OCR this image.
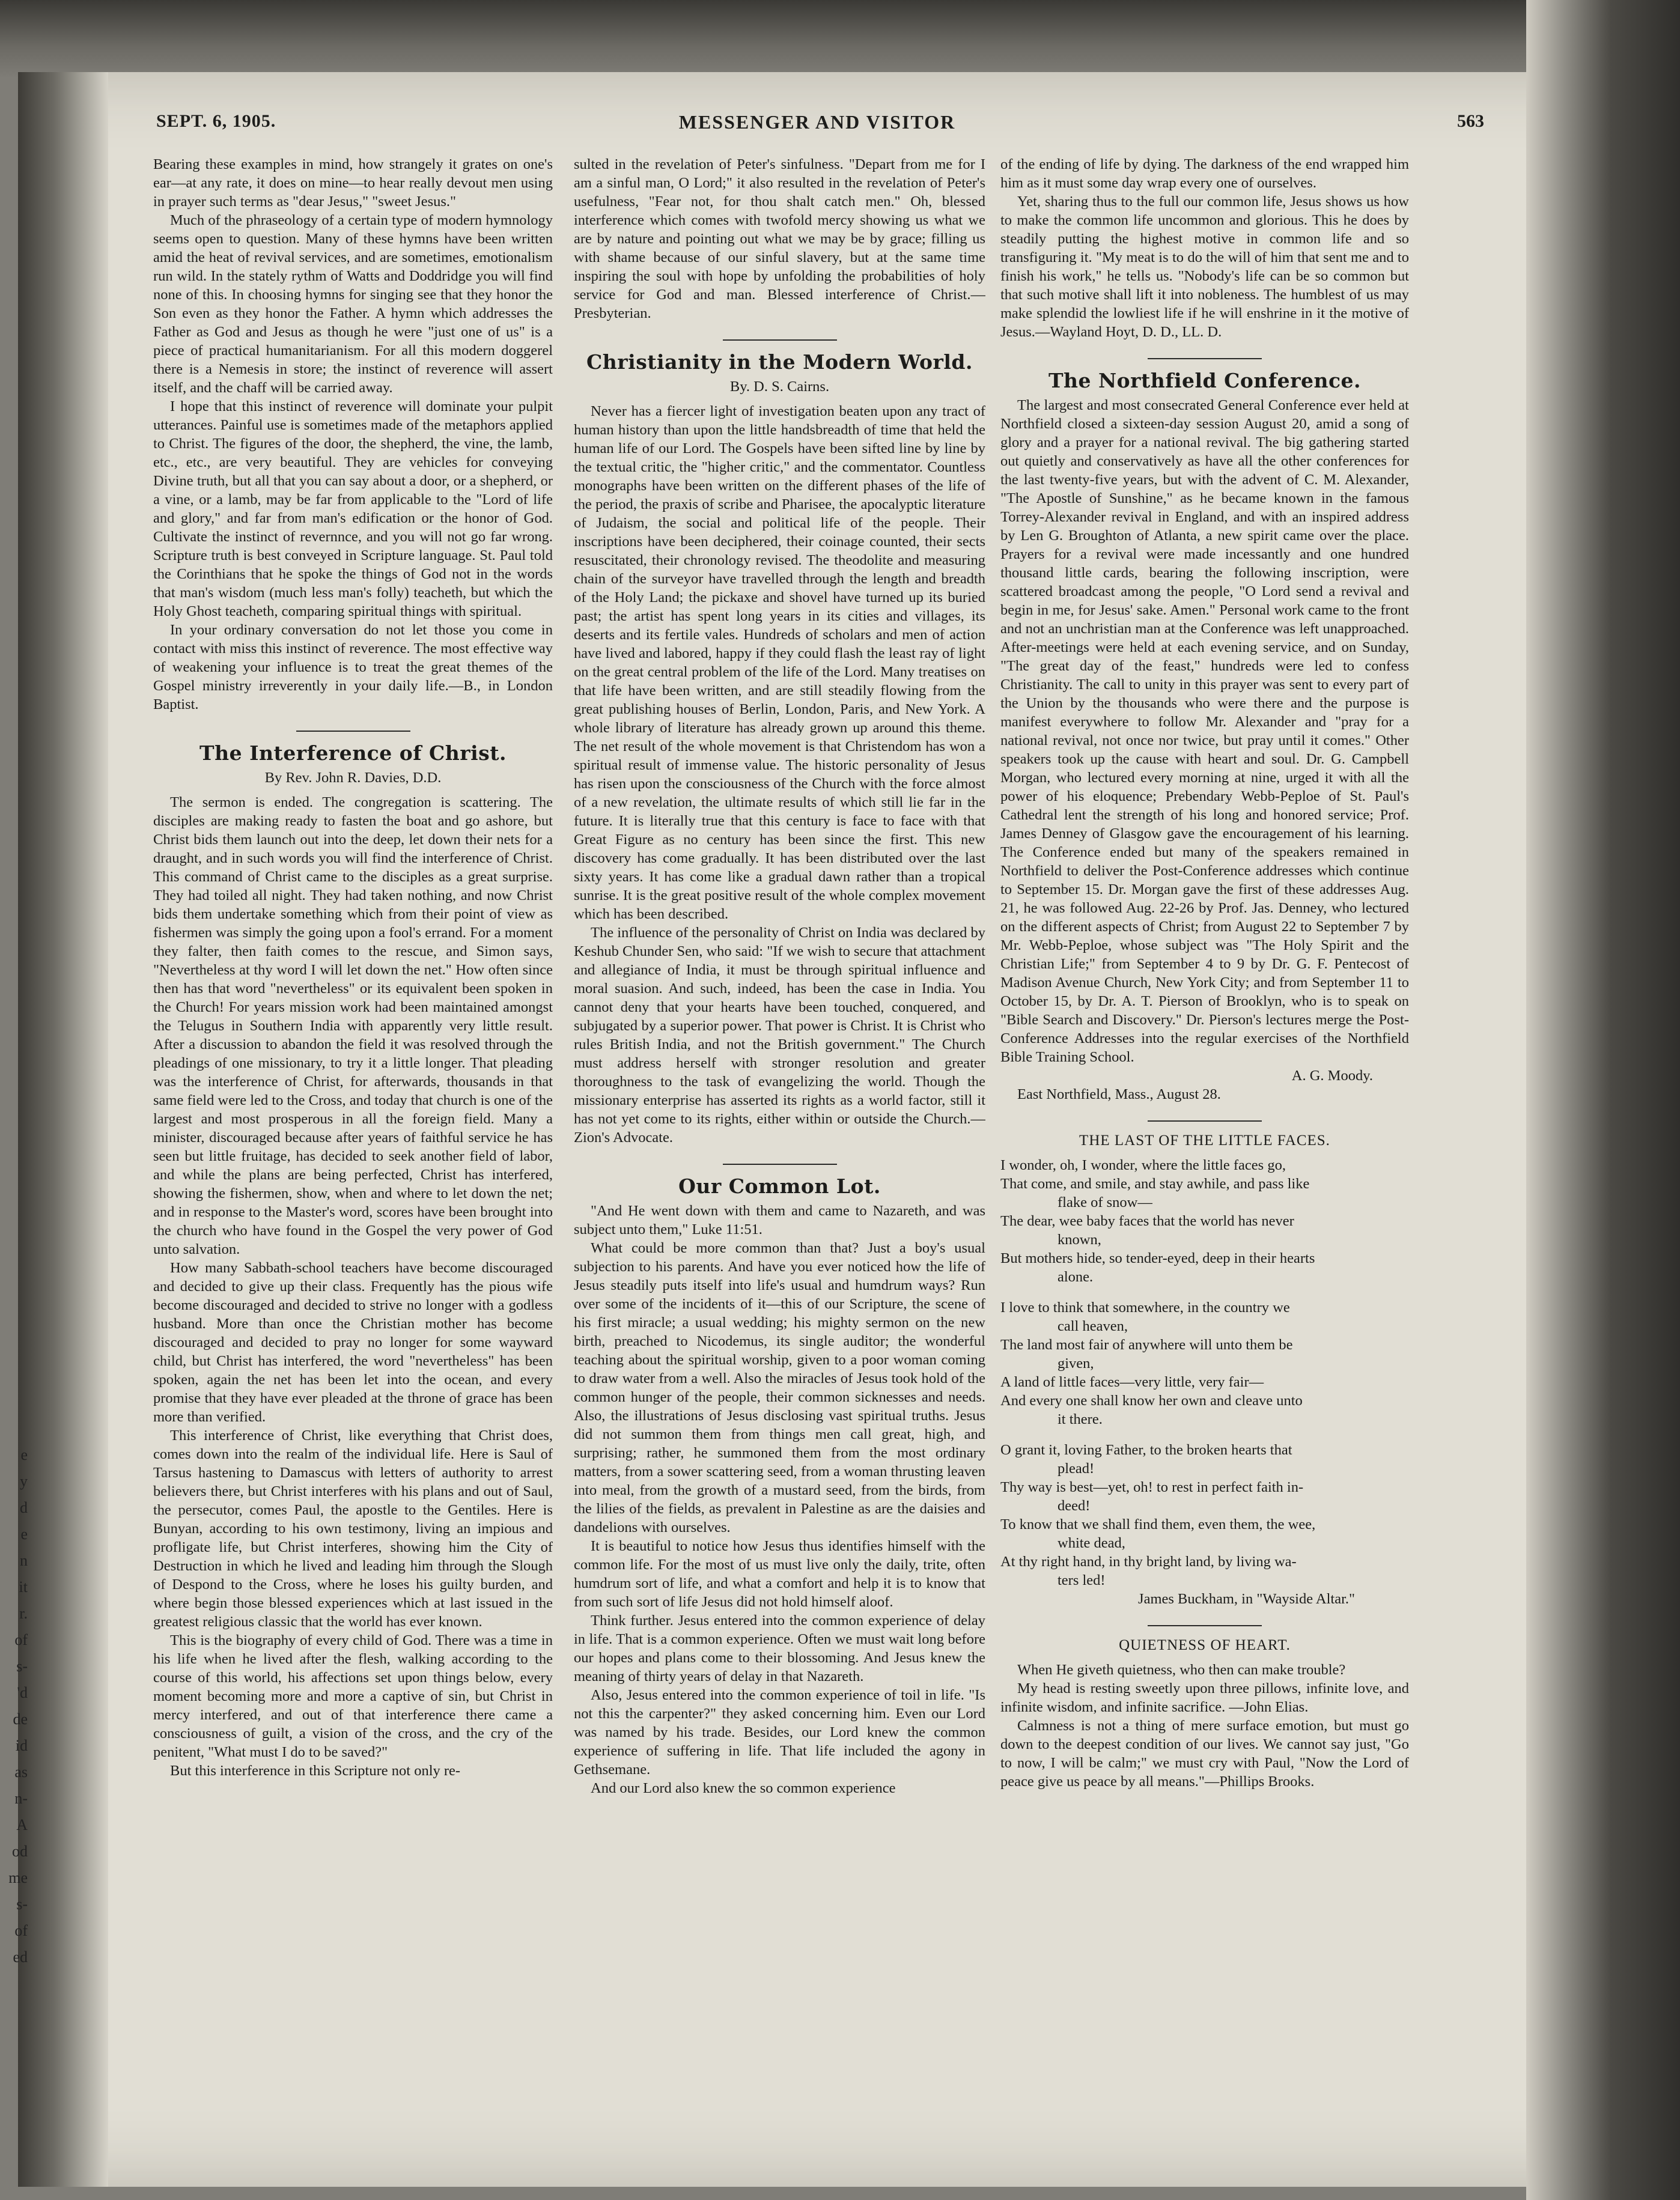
e
y
d
e
n
it
r.
of
s-
'd
de
id
as
n-
A
od
me
s-
of
ed
MESSENGER AND VISITOR
SEPT. 6, 1905.	563

Bearing these examples in mind, how strangely it grates on one's ear—at any rate, it does on mine—to hear really devout men using in prayer such terms as "dear Jesus," "sweet Jesus."

Much of the phraseology of a certain type of modern hymnology seems open to question. Many of these hymns have been written amid the heat of revival services, and are sometimes, emotionalism run wild. In the stately rythm of Watts and Doddridge you will find none of this. In choosing hymns for singing see that they honor the Son even as they honor the Father. A hymn which addresses the Father as God and Jesus as though he were "just one of us" is a piece of practical humanitarianism. For all this modern doggerel there is a Nemesis in store; the instinct of reverence will assert itself, and the chaff will be carried away.

I hope that this instinct of reverence will dominate your pulpit utterances. Painful use is sometimes made of the metaphors applied to Christ. The figures of the door, the shepherd, the vine, the lamb, etc., etc., are very beautiful. They are vehicles for conveying Divine truth, but all that you can say about a door, or a shepherd, or a vine, or a lamb, may be far from applicable to the "Lord of life and glory," and far from man's edification or the honor of God. Cultivate the instinct of revernnce, and you will not go far wrong. Scripture truth is best conveyed in Scripture language. St. Paul told the Corinthians that he spoke the things of God not in the words that man's wisdom (much less man's folly) teacheth, but which the Holy Ghost teacheth, comparing spiritual things with spiritual.

In your ordinary conversation do not let those you come in contact with miss this instinct of reverence. The most effective way of weakening your influence is to treat the great themes of the Gospel ministry irreverently in your daily life.—B., in London Baptist.

The Interference of Christ.
By Rev. John R. Davies, D.D.

The sermon is ended. The congregation is scattering. The disciples are making ready to fasten the boat and go ashore, but Christ bids them launch out into the deep, let down their nets for a draught, and in such words you will find the interference of Christ. This command of Christ came to the disciples as a great surprise. They had toiled all night. They had taken nothing, and now Christ bids them undertake something which from their point of view as fishermen was simply the going upon a fool's errand. For a moment they falter, then faith comes to the rescue, and Simon says, "Nevertheless at thy word I will let down the net." How often since then has that word "nevertheless" or its equivalent been spoken in the Church! For years mission work had been maintained amongst the Telugus in Southern India with apparently very little result. After a discussion to abandon the field it was resolved through the pleadings of one missionary, to try it a little longer. That pleading was the interference of Christ, for afterwards, thousands in that same field were led to the Cross, and today that church is one of the largest and most prosperous in all the foreign field. Many a minister, discouraged because after years of faithful service he has seen but little fruitage, has decided to seek another field of labor, and while the plans are being perfected, Christ has interfered, showing the fishermen, show, when and where to let down the net; and in response to the Master's word, scores have been brought into the church who have found in the Gospel the very power of God unto salvation.

How many Sabbath-school teachers have become discouraged and decided to give up their class. Frequently has the pious wife become discouraged and decided to strive no longer with a godless husband. More than once the Christian mother has become discouraged and decided to pray no longer for some wayward child, but Christ has interfered, the word "nevertheless" has been spoken, again the net has been let into the ocean, and every promise that they have ever pleaded at the throne of grace has been more than verified.

This interference of Christ, like everything that Christ does, comes down into the realm of the individual life. Here is Saul of Tarsus hastening to Damascus with letters of authority to arrest believers there, but Christ interferes with his plans and out of Saul, the persecutor, comes Paul, the apostle to the Gentiles. Here is Bunyan, according to his own testimony, living an impious and profligate life, but Christ interferes, showing him the City of Destruction in which he lived and leading him through the Slough of Despond to the Cross, where he loses his guilty burden, and where begin those blessed experiences which at last issued in the greatest religious classic that the world has ever known.

This is the biography of every child of God. There was a time in his life when he lived after the flesh, walking according to the course of this world, his affections set upon things below, every moment becoming more and more a captive of sin, but Christ in mercy interfered, and out of that interference there came a consciousness of guilt, a vision of the cross, and the cry of the penitent, "What must I do to be saved?"

But this interference in this Scripture not only re-

sulted in the revelation of Peter's sinfulness. "Depart from me for I am a sinful man, O Lord;" it also resulted in the revelation of Peter's usefulness, "Fear not, for thou shalt catch men." Oh, blessed interference which comes with twofold mercy showing us what we are by nature and pointing out what we may be by grace; filling us with shame because of our sinful slavery, but at the same time inspiring the soul with hope by unfolding the probabilities of holy service for God and man. Blessed interference of Christ.—Presbyterian.

Christianity in the Modern World.
By. D. S. Cairns.

Never has a fiercer light of investigation beaten upon any tract of human history than upon the little handsbreadth of time that held the human life of our Lord. The Gospels have been sifted line by line by the textual critic, the "higher critic," and the commentator. Countless monographs have been written on the different phases of the life of the period, the praxis of scribe and Pharisee, the apocalyptic literature of Judaism, the social and political life of the people. Their inscriptions have been deciphered, their coinage counted, their sects resuscitated, their chronology revised. The theodolite and measuring chain of the surveyor have travelled through the length and breadth of the Holy Land; the pickaxe and shovel have turned up its buried past; the artist has spent long years in its cities and villages, its deserts and its fertile vales. Hundreds of scholars and men of action have lived and labored, happy if they could flash the least ray of light on the great central problem of the life of the Lord. Many treatises on that life have been written, and are still steadily flowing from the great publishing houses of Berlin, London, Paris, and New York. A whole library of literature has already grown up around this theme. The net result of the whole movement is that Christendom has won a spiritual result of immense value. The historic personality of Jesus has risen upon the consciousness of the Church with the force almost of a new revelation, the ultimate results of which still lie far in the future. It is literally true that this century is face to face with that Great Figure as no century has been since the first. This new discovery has come gradually. It has been distributed over the last sixty years. It has come like a gradual dawn rather than a tropical sunrise. It is the great positive result of the whole complex movement which has been described.

The influence of the personality of Christ on India was declared by Keshub Chunder Sen, who said: "If we wish to secure that attachment and allegiance of India, it must be through spiritual influence and moral suasion. And such, indeed, has been the case in India. You cannot deny that your hearts have been touched, conquered, and subjugated by a superior power. That power is Christ. It is Christ who rules British India, and not the British government." The Church must address herself with stronger resolution and greater thoroughness to the task of evangelizing the world. Though the missionary enterprise has asserted its rights as a world factor, still it has not yet come to its rights, either within or outside the Church.—Zion's Advocate.

Our Common Lot.

"And He went down with them and came to Nazareth, and was subject unto them," Luke 11:51.

What could be more common than that? Just a boy's usual subjection to his parents. And have you ever noticed how the life of Jesus steadily puts itself into life's usual and humdrum ways? Run over some of the incidents of it—this of our Scripture, the scene of his first miracle; a usual wedding; his mighty sermon on the new birth, preached to Nicodemus, its single auditor; the wonderful teaching about the spiritual worship, given to a poor woman coming to draw water from a well. Also the miracles of Jesus took hold of the common hunger of the people, their common sicknesses and needs. Also, the illustrations of Jesus disclosing vast spiritual truths. Jesus did not summon them from things men call great, high, and surprising; rather, he summoned them from the most ordinary matters, from a sower scattering seed, from a woman thrusting leaven into meal, from the growth of a mustard seed, from the birds, from the lilies of the fields, as prevalent in Palestine as are the daisies and dandelions with ourselves.

It is beautiful to notice how Jesus thus identifies himself with the common life. For the most of us must live only the daily, trite, often humdrum sort of life, and what a comfort and help it is to know that from such sort of life Jesus did not hold himself aloof.

Think further. Jesus entered into the common experience of delay in life. That is a common experience. Often we must wait long before our hopes and plans come to their blossoming. And Jesus knew the meaning of thirty years of delay in that Nazareth.

Also, Jesus entered into the common experience of toil in life. "Is not this the carpenter?" they asked concerning him. Even our Lord was named by his trade. Besides, our Lord knew the common experience of suffering in life. That life included the agony in Gethsemane.

And our Lord also knew the so common experience

of the ending of life by dying. The darkness of the end wrapped him him as it must some day wrap every one of ourselves.

Yet, sharing thus to the full our common life, Jesus shows us how to make the common life uncommon and glorious. This he does by steadily putting the highest motive in common life and so transfiguring it. "My meat is to do the will of him that sent me and to finish his work," he tells us. "Nobody's life can be so common but that such motive shall lift it into nobleness. The humblest of us may make splendid the lowliest life if he will enshrine in it the motive of Jesus.—Wayland Hoyt, D. D., LL. D.

The Northfield Conference.

The largest and most consecrated General Conference ever held at Northfield closed a sixteen-day session August 20, amid a song of glory and a prayer for a national revival. The big gathering started out quietly and conservatively as have all the other conferences for the last twenty-five years, but with the advent of C. M. Alexander, "The Apostle of Sunshine," as he became known in the famous Torrey-Alexander revival in England, and with an inspired address by Len G. Broughton of Atlanta, a new spirit came over the place. Prayers for a revival were made incessantly and one hundred thousand little cards, bearing the following inscription, were scattered broadcast among the people, "O Lord send a revival and begin in me, for Jesus' sake. Amen." Personal work came to the front and not an unchristian man at the Conference was left unapproached. After-meetings were held at each evening service, and on Sunday, "The great day of the feast," hundreds were led to confess Christianity. The call to unity in this prayer was sent to every part of the Union by the thousands who were there and the purpose is manifest everywhere to follow Mr. Alexander and "pray for a national revival, not once nor twice, but pray until it comes." Other speakers took up the cause with heart and soul. Dr. G. Campbell Morgan, who lectured every morning at nine, urged it with all the power of his eloquence; Prebendary Webb-Peploe of St. Paul's Cathedral lent the strength of his long and honored service; Prof. James Denney of Glasgow gave the encouragement of his learning. The Conference ended but many of the speakers remained in Northfield to deliver the Post-Conference addresses which continue to September 15. Dr. Morgan gave the first of these addresses Aug. 21, he was followed Aug. 22-26 by Prof. Jas. Denney, who lectured on the different aspects of Christ; from August 22 to September 7 by Mr. Webb-Peploe, whose subject was "The Holy Spirit and the Christian Life;" from September 4 to 9 by Dr. G. F. Pentecost of Madison Avenue Church, New York City; and from September 11 to October 15, by Dr. A. T. Pierson of Brooklyn, who is to speak on "Bible Search and Discovery." Dr. Pierson's lectures merge the Post-Conference Addresses into the regular exercises of the Northfield Bible Training School.

A. G. Moody.

East Northfield, Mass., August 28.

THE LAST OF THE LITTLE FACES.
I wonder, oh, I wonder, where the little faces go,
That come, and smile, and stay awhile, and pass like
flake of snow—
The dear, wee baby faces that the world has never
known,
But mothers hide, so tender-eyed, deep in their hearts
alone.
I love to think that somewhere, in the country we
call heaven,
The land most fair of anywhere will unto them be
given,
A land of little faces—very little, very fair—
And every one shall know her own and cleave unto
it there.
O grant it, loving Father, to the broken hearts that
plead!
Thy way is best—yet, oh! to rest in perfect faith in-
deed!
To know that we shall find them, even them, the wee,
white dead,
At thy right hand, in thy bright land, by living wa-
ters led!
James Buckham, in "Wayside Altar."
QUIETNESS OF HEART.

When He giveth quietness, who then can make trouble?

My head is resting sweetly upon three pillows, infinite love, and infinite wisdom, and infinite sacrifice. —John Elias.

Calmness is not a thing of mere surface emotion, but must go down to the deepest condition of our lives. We cannot say just, "Go to now, I will be calm;" we must cry with Paul, "Now the Lord of peace give us peace by all means."—Phillips Brooks.
